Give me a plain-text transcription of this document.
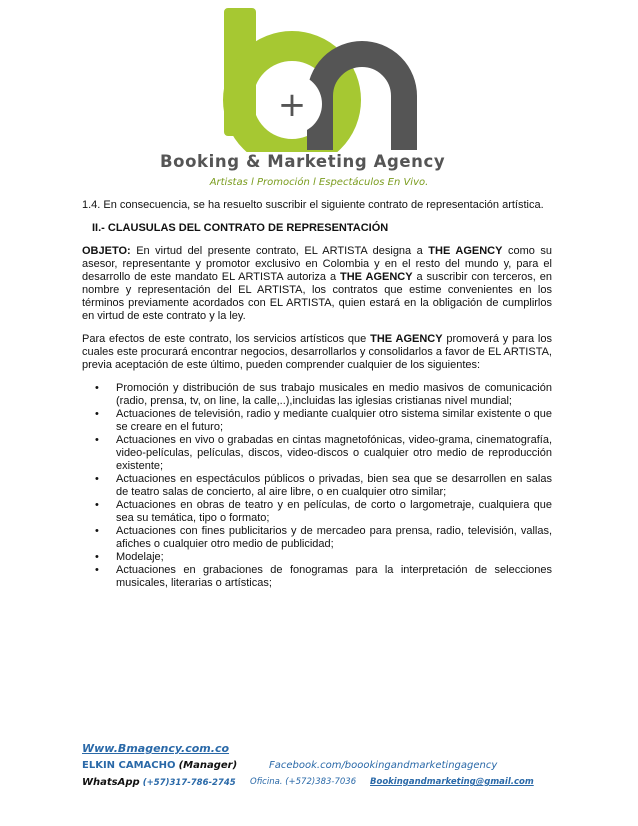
+
Booking & Marketing Agency
Artistas l Promoción l Espectáculos En Vivo.

1.4. En consecuencia, se ha resuelto suscribir el siguiente contrato de representación artística.

II.- CLAUSULAS DEL CONTRATO DE REPRESENTACIÓN

OBJETO: En virtud del presente contrato, EL ARTISTA designa a THE AGENCY como su asesor, representante y promotor exclusivo en Colombia y en el resto del mundo y, para el desarrollo de este mandato EL ARTISTA autoriza a THE AGENCY a suscribir con terceros, en nombre y representación del EL ARTISTA, los contratos que estime convenientes en los términos previamente acordados con EL ARTISTA, quien estará en la obligación de cumplirlos en virtud de este contrato y la ley.

Para efectos de este contrato, los servicios artísticos que THE AGENCY promoverá y para los cuales este procurará encontrar negocios, desarrollarlos y consolidarlos a favor de EL ARTISTA, previa aceptación de este último, pueden comprender cualquier de los siguientes:

• Promoción y distribución de sus trabajo musicales en medio masivos de comunicación (radio, prensa, tv, on line, la calle,..),incluidas las iglesias cristianas nivel mundial;
• Actuaciones de televisión, radio y mediante cualquier otro sistema similar existente o que se creare en el futuro;
• Actuaciones en vivo o grabadas en cintas magnetofónicas, video-grama, cinematografía, video-películas, películas, discos, video-discos o cualquier otro medio de reproducción existente;
• Actuaciones en espectáculos públicos o privadas, bien sea que se desarrollen en salas de teatro salas de concierto, al aire libre, o en cualquier otro similar;
• Actuaciones en obras de teatro y en películas, de corto o largometraje, cualquiera que sea su temática, tipo o formato;
• Actuaciones con fines publicitarios y de mercadeo para prensa, radio, televisión, vallas, afiches o cualquier otro medio de publicidad;
• Modelaje;
• Actuaciones en grabaciones de fonogramas para la interpretación de selecciones musicales, literarias o artísticas;
Www.Bmagency.com.co
ELKIN CAMACHO (Manager)	Facebook.com/boookingandmarketingagency
WhatsApp (+57)317-786-2745 Oficina. (+572)383-7036 Bookingandmarketing@gmail.com
